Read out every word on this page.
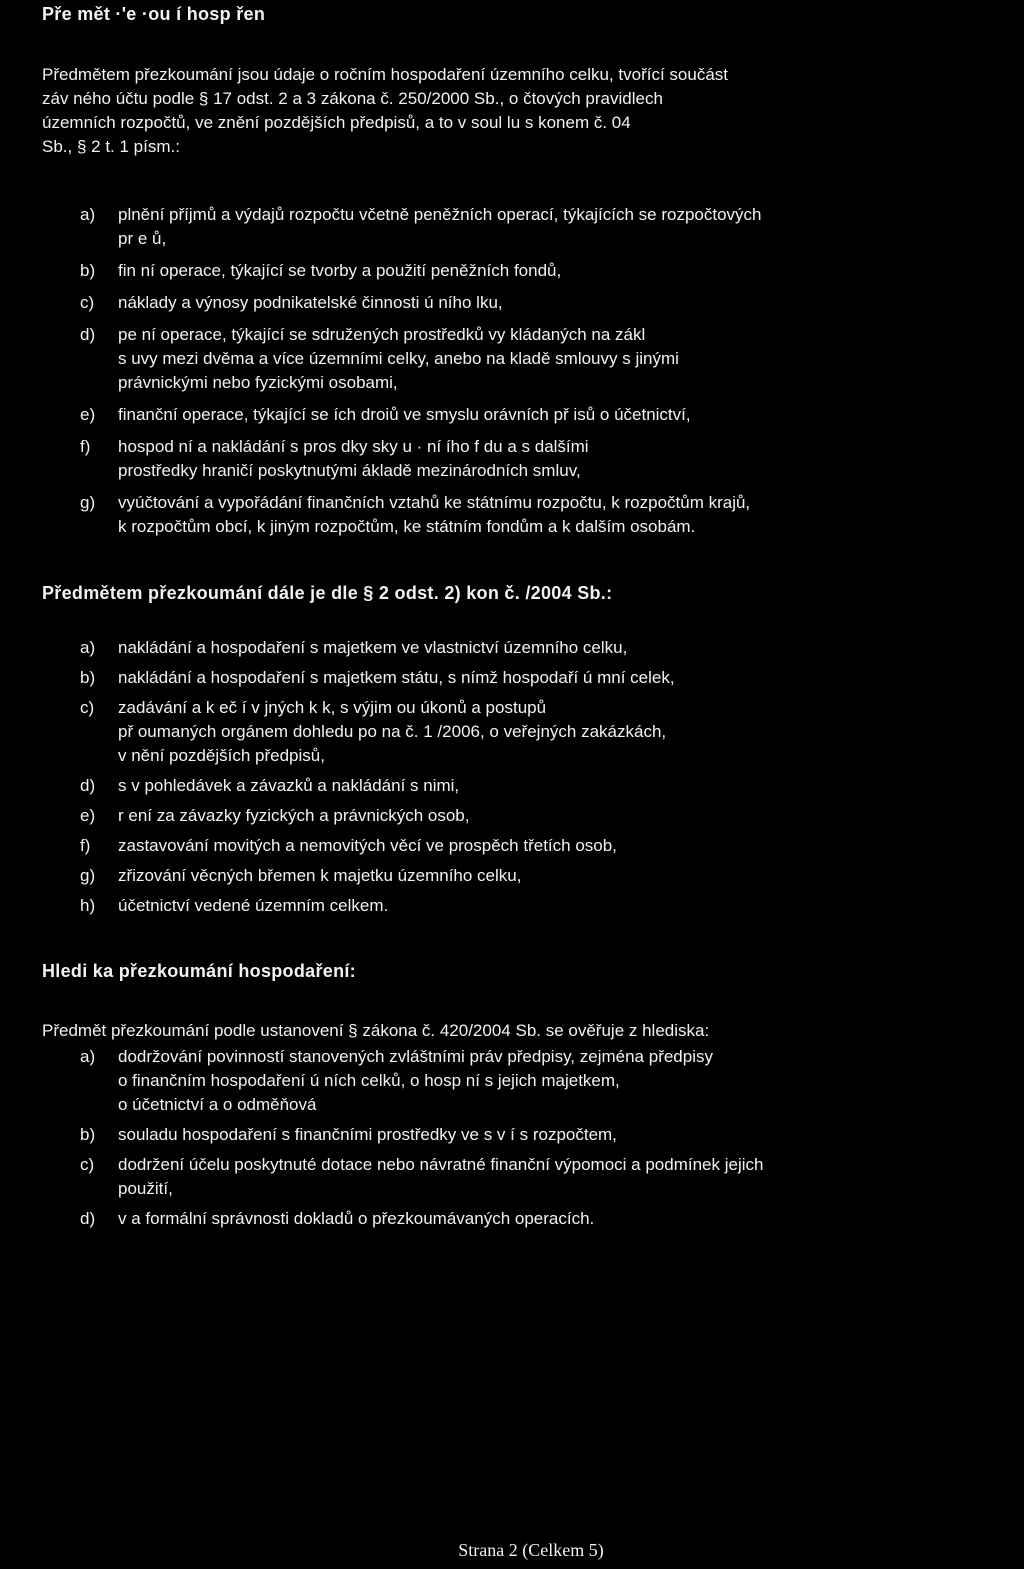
Pře mět ·'e ·ou í hosp řen
Předmětem přezkoumání jsou údaje o ročním hospodaření územního celku, tvořící součást
záv ného účtu podle § 17 odst. 2 a 3 zákona č. 250/2000 Sb., o čtových pravidlech
územních rozpočtů, ve znění pozdějších předpisů, a to v soul lu s konem č. 04
Sb., § 2 t. 1 písm.:
a) plnění příjmů a výdajů rozpočtu včetně peněžních operací, týkajících se rozpočtových
pr e ů,
b) fin ní operace, týkající se tvorby a použití peněžních fondů,
c) náklady a výnosy podnikatelské činnosti ú ního lku,
d) pe ní operace, týkající se sdružených prostředků vy kládaných na zákl
s uvy mezi dvěma a více územními celky, anebo na kladě smlouvy s jinými
právnickými nebo fyzickými osobami,
e) finanční operace, týkající se ích droiů ve smyslu orávních př isů o účetnictví,
f) hospod ní a nakládání s pros dky sky u · ní ího f du a s dalšími
prostředky hraničí poskytnutými ákladě mezinárodních smluv,
g) vyúčtování a vypořádání finančních vztahů ke státnímu rozpočtu, k rozpočtům krajů,
k rozpočtům obcí, k jiným rozpočtům, ke státním fondům a k dalším osobám.
Předmětem přezkoumání dále je dle § 2 odst. 2) kon č. /2004 Sb.:
a) nakládání a hospodaření s majetkem ve vlastnictví územního celku,
b) nakládání a hospodaření s majetkem státu, s nímž hospodaří ú mní celek,
c) zadávání a k eč í v jných k k, s výjim ou úkonů a postupů
př oumaných orgánem dohledu po na č. 1 /2006, o veřejných zakázkách,
v nění pozdějších předpisů,
d) s v pohledávek a závazků a nakládání s nimi,
e) r ení za závazky fyzických a právnických osob,
f) zastavování movitých a nemovitých věcí ve prospěch třetích osob,
g) zřizování věcných břemen k majetku územního celku,
h) účetnictví vedené územním celkem.
Hledi ka přezkoumání hospodaření:
Předmět přezkoumání podle ustanovení § zákona č. 420/2004 Sb. se ověřuje z hlediska:
a) dodržování povinností stanovených zvláštními práv předpisy, zejména předpisy
o finančním hospodaření ú ních celků, o hosp ní s jejich majetkem,
o účetnictví a o odměňová
b) souladu hospodaření s finančními prostředky ve s v í s rozpočtem,
c) dodržení účelu poskytnuté dotace nebo návratné finanční výpomoci a podmínek jejich
použití,
d) v a formální správnosti dokladů o přezkoumávaných operacích.
Strana 2 (Celkem 5)
